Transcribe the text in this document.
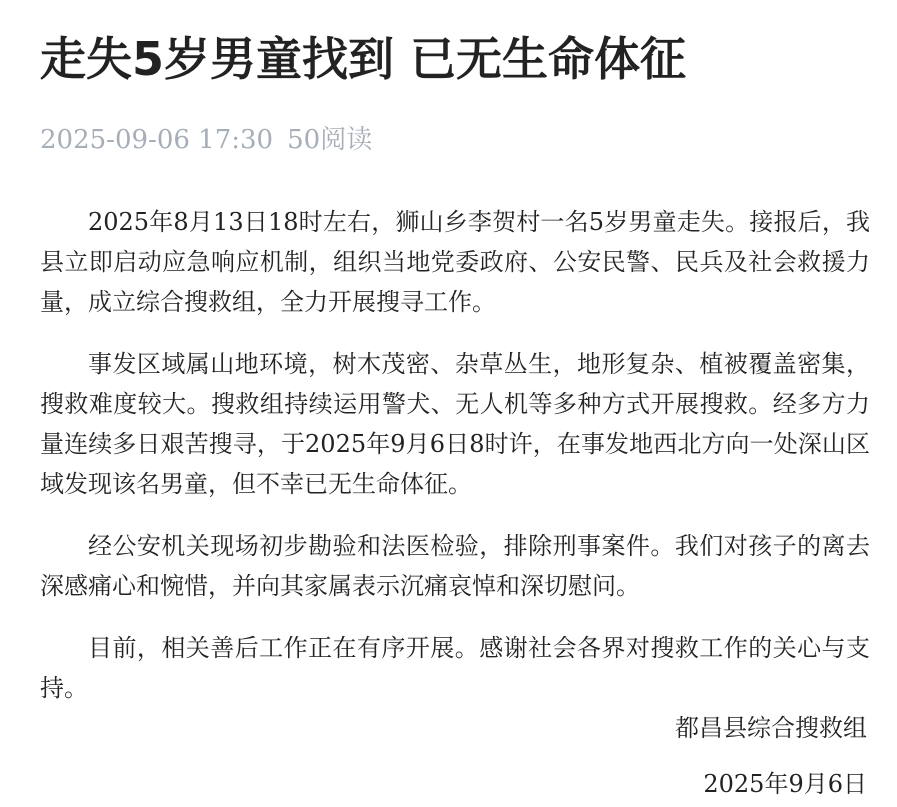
走失5岁男童找到 已无生命体征
2025-09-06 17:30 50阅读

2025年8月13日18时左右，狮山乡李贺村一名5岁男童走失。接报后，我县立即启动应急响应机制，组织当地党委政府、公安民警、民兵及社会救援力量，成立综合搜救组，全力开展搜寻工作。

事发区域属山地环境，树木茂密、杂草丛生，地形复杂、植被覆盖密集，搜救难度较大。搜救组持续运用警犬、无人机等多种方式开展搜救。经多方力量连续多日艰苦搜寻，于2025年9月6日8时许，在事发地西北方向一处深山区域发现该名男童，但不幸已无生命体征。

经公安机关现场初步勘验和法医检验，排除刑事案件。我们对孩子的离去深感痛心和惋惜，并向其家属表示沉痛哀悼和深切慰问。

目前，相关善后工作正在有序开展。感谢社会各界对搜救工作的关心与支持。

都昌县综合搜救组
2025年9月6日
